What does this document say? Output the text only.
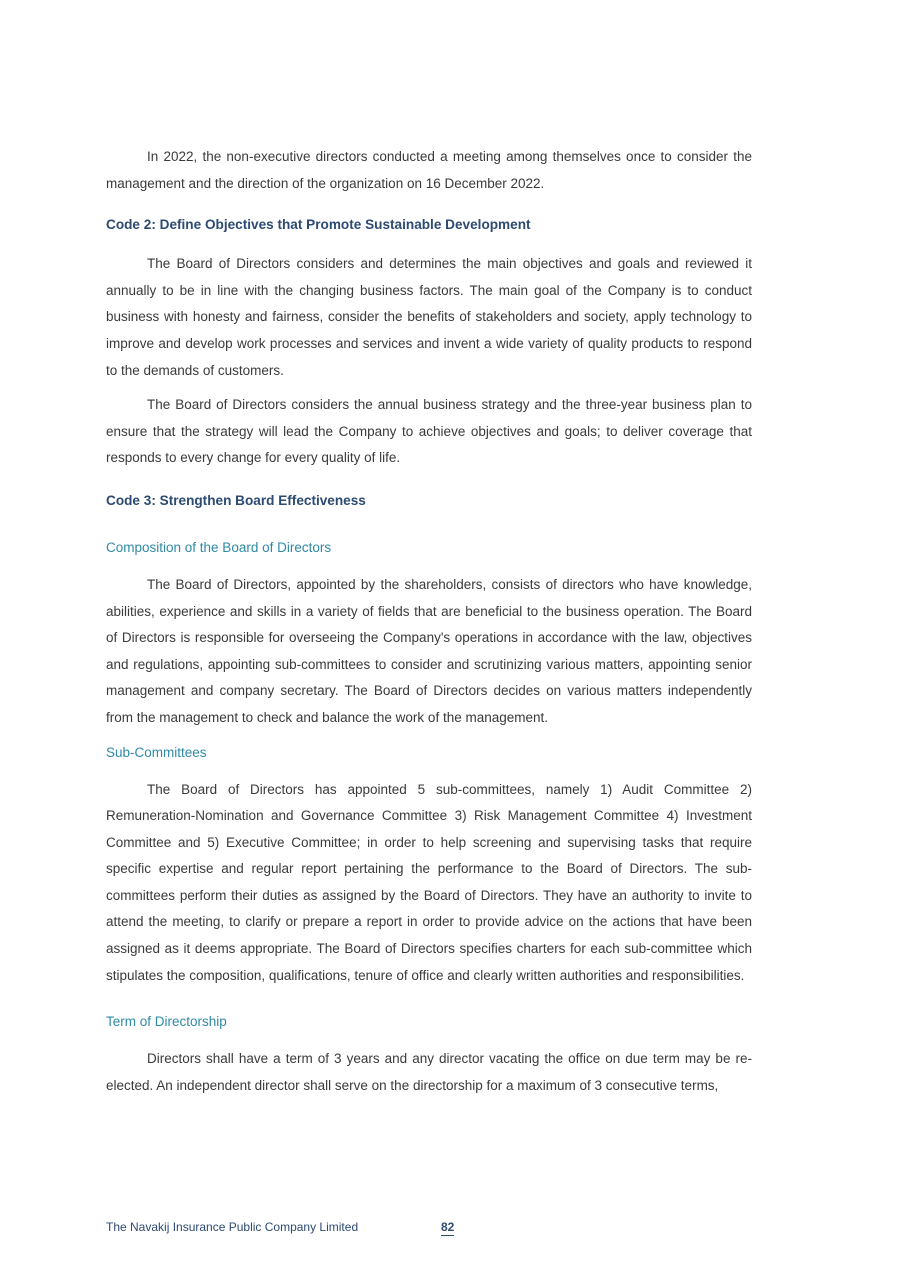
In 2022, the non-executive directors conducted a meeting among themselves once to consider the management and the direction of the organization on 16 December 2022.

Code 2: Define Objectives that Promote Sustainable Development

The Board of Directors considers and determines the main objectives and goals and reviewed it annually to be in line with the changing business factors. The main goal of the Company is to conduct business with honesty and fairness, consider the benefits of stakeholders and society, apply technology to improve and develop work processes and services and invent a wide variety of quality products to respond to the demands of customers.

The Board of Directors considers the annual business strategy and the three-year business plan to ensure that the strategy will lead the Company to achieve objectives and goals; to deliver coverage that responds to every change for every quality of life.

Code 3: Strengthen Board Effectiveness
Composition of the Board of Directors

The Board of Directors, appointed by the shareholders, consists of directors who have knowledge, abilities, experience and skills in a variety of fields that are beneficial to the business operation. The Board of Directors is responsible for overseeing the Company's operations in accordance with the law, objectives and regulations, appointing sub-committees to consider and scrutinizing various matters, appointing senior management and company secretary. The Board of Directors decides on various matters independently from the management to check and balance the work of the management.

Sub-Committees

The Board of Directors has appointed 5 sub-committees, namely 1) Audit Committee 2) Remuneration-Nomination and Governance Committee 3) Risk Management Committee 4) Investment Committee and 5) Executive Committee; in order to help screening and supervising tasks that require specific expertise and regular report pertaining the performance to the Board of Directors. The sub-committees perform their duties as assigned by the Board of Directors. They have an authority to invite to attend the meeting, to clarify or prepare a report in order to provide advice on the actions that have been assigned as it deems appropriate. The Board of Directors specifies charters for each sub-committee which stipulates the composition, qualifications, tenure of office and clearly written authorities and responsibilities.

Term of Directorship

Directors shall have a term of 3 years and any director vacating the office on due term may be re-elected. An independent director shall serve on the directorship for a maximum of 3 consecutive terms,

The Navakij Insurance Public Company Limited	82
